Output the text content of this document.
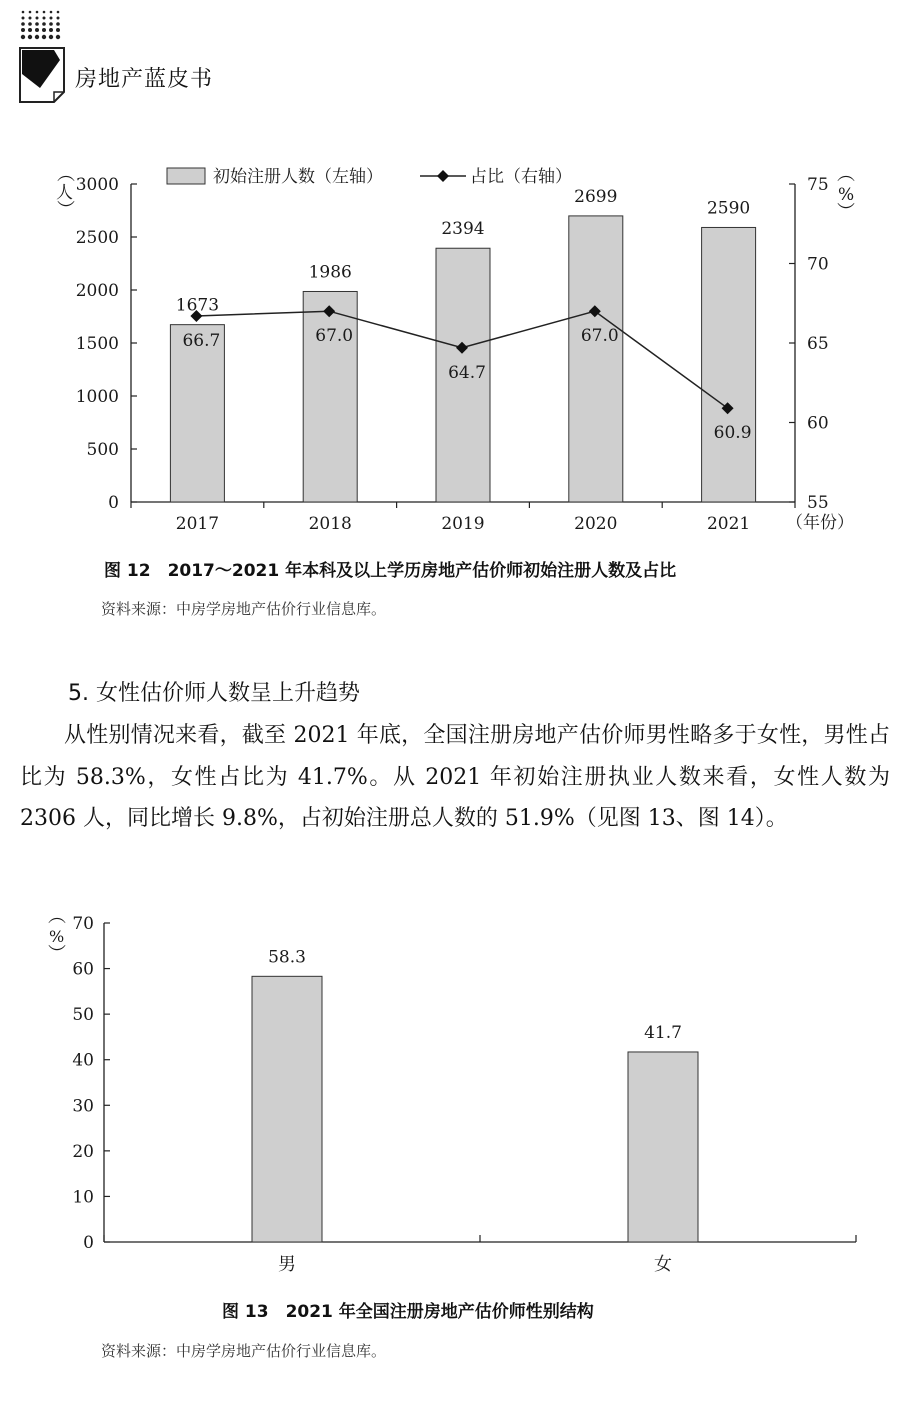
房地产蓝皮书
初始注册人数（左轴）	占比（右轴）
︵
人
︶
︵
%
︶
0
500
1000
1500
2000
2500
3000
55
60
65
70
75
2017	2018	2019	2020	2021
1673
1986
2394
2699
2590
66.7	67.0
64.7
67.0
60.9
（年份）
图 12　2017～2021 年本科及以上学历房地产估价师初始注册人数及占比
资料来源：中房学房地产估价行业信息库。
5. 女性估价师人数呈上升趋势
从性别情况来看，截至 2021 年底，全国注册房地产估价师男性略多于女性，男性占比为 58.3%，女性占比为 41.7%。从 2021 年初始注册执业人数来看，女性人数为 2306 人，同比增长 9.8%，占初始注册总人数的 51.9%（见图 13、图 14）。
︵
%
︶
0
10
20
30
40
50
60
70
男	女
58.3
41.7
图 13　2021 年全国注册房地产估价师性别结构
资料来源：中房学房地产估价行业信息库。
